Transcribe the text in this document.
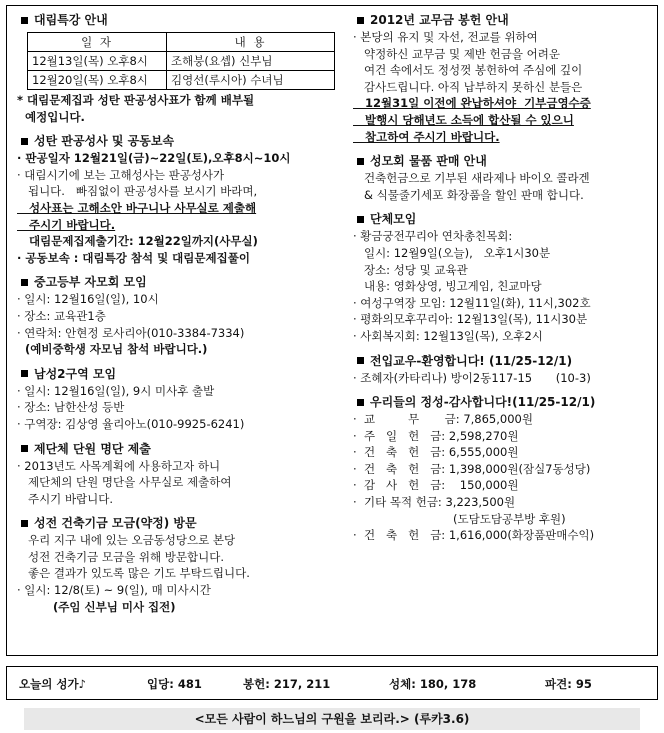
대림특강 안내
일 자	내 용
12월13일(목) 오후8시	조해붕(요셉) 신부님
12월20일(목) 오후8시	김영선(루시아) 수녀님
* 대림문제집과 성탄 판공성사표가 함께 배부될
예정입니다.
성탄 판공성사 및 공동보속
· 판공일자 12월21일(금)~22일(토),오후8시~10시
· 대림시기에 보는 고해성사는 판공성사가
됩니다.   빠짐없이 판공성사를 보시기 바라며,
성사표는 고해소안 바구니나 사무실로 제출해
주시기 바랍니다.
대림문제집제출기간: 12월22일까지(사무실)
· 공동보속 : 대림특강 참석 및 대림문제집풀이
중고등부 자모회 모임
· 일시: 12월16일(일), 10시
· 장소: 교육관1층
· 연락처: 안현정 로사리아(010-3384-7334)
(예비중학생 자모님 참석 바랍니다.)
남성2구역 모임
· 일시: 12월16일(일), 9시 미사후 출발
· 장소: 남한산성 등반
· 구역장: 김상영 율리아노(010-9925-6241)
제단체 단원 명단 제출
· 2013년도 사목계획에 사용하고자 하니
제단체의 단원 명단을 사무실로 제출하여
주시기 바랍니다.
성전 건축기금 모금(약정) 방문
우리 지구 내에 있는 오금동성당으로 본당
성전 건축기금 모금을 위해 방문합니다.
좋은 결과가 있도록 많은 기도 부탁드립니다.
· 일시: 12/8(토) ~ 9(일), 매 미사시간
(주임 신부님 미사 집전)
2012년 교무금 봉헌 안내
· 본당의 유지 및 자선, 전교를 위하여
약정하신 교무금 및 제반 헌금을 어려운
여건 속에서도 정성껏 봉헌하여 주심에 깊이
감사드립니다. 아직 납부하지 못하신 분들은
12월31일 이전에 완납하셔야  기부금영수증
발행시 당해년도 소득에 합산될 수 있으니
참고하여 주시기 바랍니다.
성모회 물품 판매 안내
건축헌금으로 기부된 새라제나 바이오 콜라겐
& 식물줄기세포 화장품을 할인 판매 합니다.
단체모임
· 황금궁전꾸리아 연차총친목회:
일시: 12월9일(오늘),   오후1시30분
장소: 성당 및 교육관
내용: 영화상영, 빙고게임, 친교마당
· 여성구역장 모임: 12월11일(화), 11시,302호
· 평화의모후꾸리아: 12월13일(목), 11시30분
· 사회복지회: 12월13일(목), 오후2시
전입교우-환영합니다! (11/25-12/1)
· 조혜자(카타리나) 방이2동117-15 (10-3)
우리들의 정성-감사합니다!(11/25-12/1)
·  교         무       금: 7,865,000원
·  주   일   헌   금: 2,598,270원
·  건   축   헌   금: 6,555,000원
·  건   축   헌   금: 1,398,000원(잠실7동성당)
·  감   사   헌   금:    150,000원
·  기타 목적 헌금: 3,223,500원
(도담도담공부방 후원)
·  건   축   헌   금: 1,616,000(화장품판매수익)
오늘의 성가♪	입당: 481	봉헌: 217, 211	성체: 180, 178	파견: 95
<모든 사람이 하느님의 구원을 보리라.> (루카3.6)
